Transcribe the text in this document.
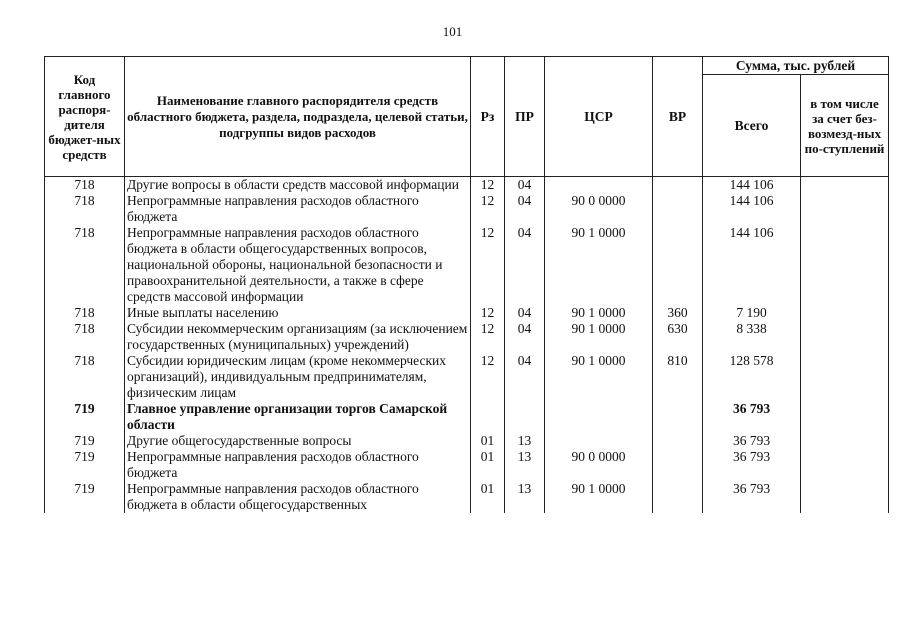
101
Код главного распоря-дителя бюджет-ных средств	Наименование главного распорядителя средств областного бюджета, раздела, подраздела, целевой статьи, подгруппы видов расходов	Рз	ПР	ЦСР	ВР	Сумма, тыс. рублей	
						Всего	в том числе за счет без-возмезд-ных по-ступлений
718	Другие вопросы в области средств массовой информации	12	04			144 106	
718	Непрограммные направления расходов областного бюджета	12	04	90 0 0000		144 106	
718	Непрограммные направления расходов областного бюджета в области общегосударственных вопросов, национальной обороны, национальной безопасности и правоохранительной деятельности, а также в сфере средств массовой информации	12	04	90 1 0000		144 106	
718	Иные выплаты населению	12	04	90 1 0000	360	7 190	
718	Субсидии некоммерческим организациям (за исключением государственных (муниципальных) учреждений)	12	04	90 1 0000	630	8 338	
718	Субсидии юридическим лицам (кроме некоммерческих организаций), индивидуальным предпринимателям, физическим лицам	12	04	90 1 0000	810	128 578	
719	Главное управление организации торгов Самарской области					36 793	
719	Другие общегосударственные вопросы	01	13			36 793	
719	Непрограммные направления расходов областного бюджета	01	13	90 0 0000		36 793	
719	Непрограммные направления расходов областного бюджета в области общегосударственных	01	13	90 1 0000		36 793	
